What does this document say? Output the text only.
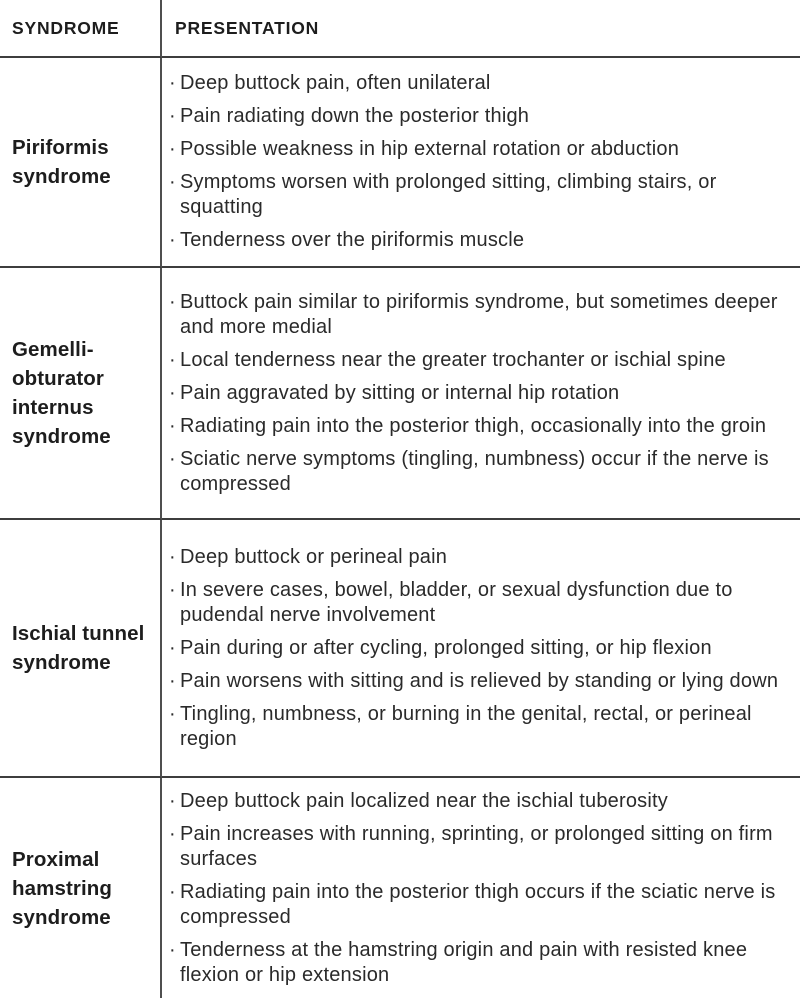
SYNDROME	PRESENTATION
Piriformis syndrome
· Deep buttock pain, often unilateral
· Pain radiating down the posterior thigh
· Possible weakness in hip external rotation or abduction
· Symptoms worsen with prolonged sitting, climbing stairs, or squatting
· Tenderness over the piriformis muscle
Gemelli-obturator internus syndrome
· Buttock pain similar to piriformis syndrome, but sometimes deeper and more medial
· Local tenderness near the greater trochanter or ischial spine
· Pain aggravated by sitting or internal hip rotation
· Radiating pain into the posterior thigh, occasionally into the groin
· Sciatic nerve symptoms (tingling, numbness) occur if the nerve is compressed
Ischial tunnel syndrome
· Deep buttock or perineal pain
· In severe cases, bowel, bladder, or sexual dysfunction due to pudendal nerve involvement
· Pain during or after cycling, prolonged sitting, or hip flexion
· Pain worsens with sitting and is relieved by standing or lying down
· Tingling, numbness, or burning in the genital, rectal, or perineal region
Proximal hamstring syndrome
· Deep buttock pain localized near the ischial tuberosity
· Pain increases with running, sprinting, or prolonged sitting on firm surfaces
· Radiating pain into the posterior thigh occurs if the sciatic nerve is compressed
· Tenderness at the hamstring origin and pain with resisted knee flexion or hip extension
